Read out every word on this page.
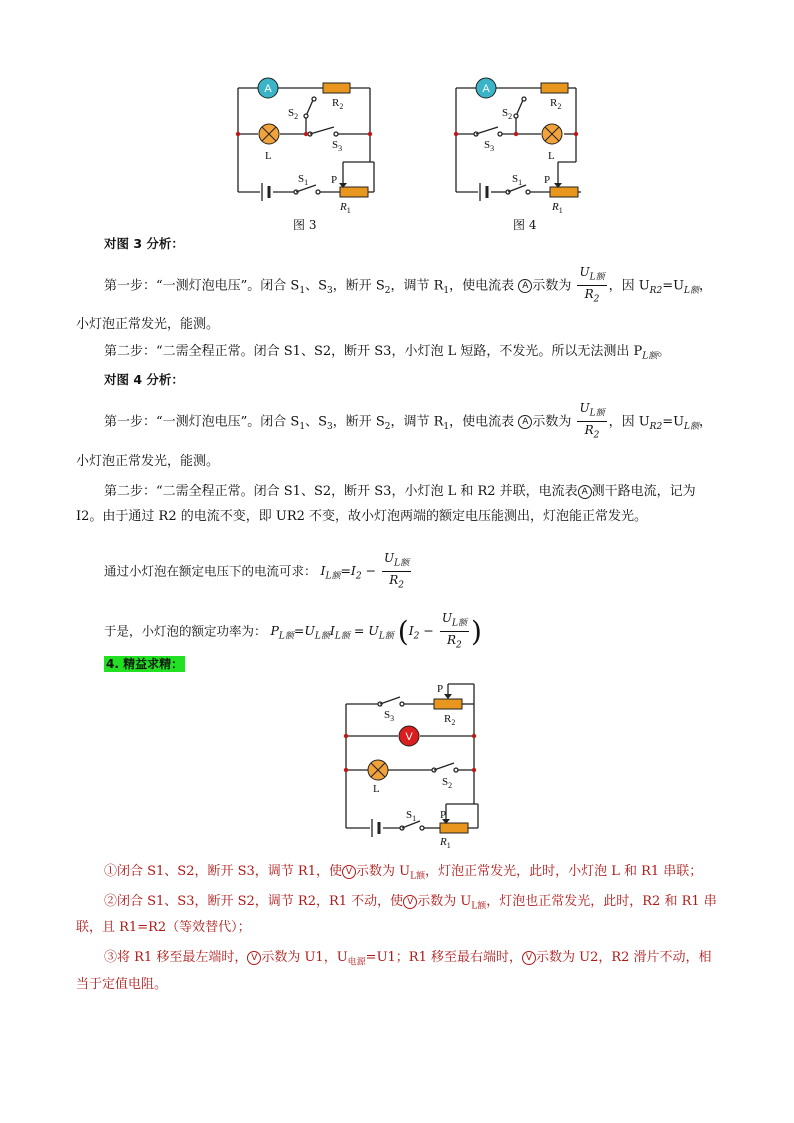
A
$S_2$
$R_2$
L
$S_3$
$S_1$ P
$R_1$
图 3
A
$S_2$
$R_2$
$S_3$
L
$S_1$ P
$R_1$
图 4
对图 3 分析：
第一步：“一测灯泡电压”。闭合 $S_1$、$S_3$，断开 $S_2$，调节 $R_1$，使电流表 A 示数为 $\frac{U_{L额}}{R_2}$ ，因 $U_{R2}=U_{L额}$，
小灯泡正常发光，能测。
第二步：“二需全程正常。闭合 S1、S2，断开 S3，小灯泡 L 短路，不发光。所以无法测出 $P_{L额}$。
对图 4 分析：
第一步：“一测灯泡电压”。闭合 $S_1$、$S_3$，断开 $S_2$，调节 $R_1$，使电流表 A 示数为 $\frac{U_{L额}}{R_2}$ ，因 $U_{R2}=U_{L额}$，
小灯泡正常发光，能测。
第二步：“二需全程正常。闭合 S1、S2，断开 S3，小灯泡 L 和 R2 并联，电流表 A 测干路电流，记为
I2。由于通过 R2 的电流不变，即 UR2 不变，故小灯泡两端的额定电压能测出，灯泡能正常发光。
通过小灯泡在额定电压下的电流可求： $I_{L额}=I_2 - \frac{U_{L额}}{R_2}$
于是，小灯泡的额定功率为： $P_{L额}=U_{L额}I_{L额} = U_{L额}$ ($I_2 - \frac{U_{L额}}{R_2}$ )
4. 精益求精：
V
P
$S_3$	$R_2$
L
$S_2$
$S_1$ P
$R_1$
①闭合 S1、S2，断开 S3，调节 R1，使 V 示数为 $U_{L额}$，灯泡正常发光，此时，小灯泡 L 和 R1 串联；
②闭合 S1、S3，断开 S2，调节 R2，R1 不动，使 V 示数为 $U_{L额}$，灯泡也正常发光，此时，R2 和 R1 串
联，且 R1=R2（等效替代）；
③将 R1 移至最左端时， V 示数为 U1，$U_{电源}=U1$；R1 移至最右端时， V 示数为 U2，R2 滑片不动，相
当于定值电阻。
